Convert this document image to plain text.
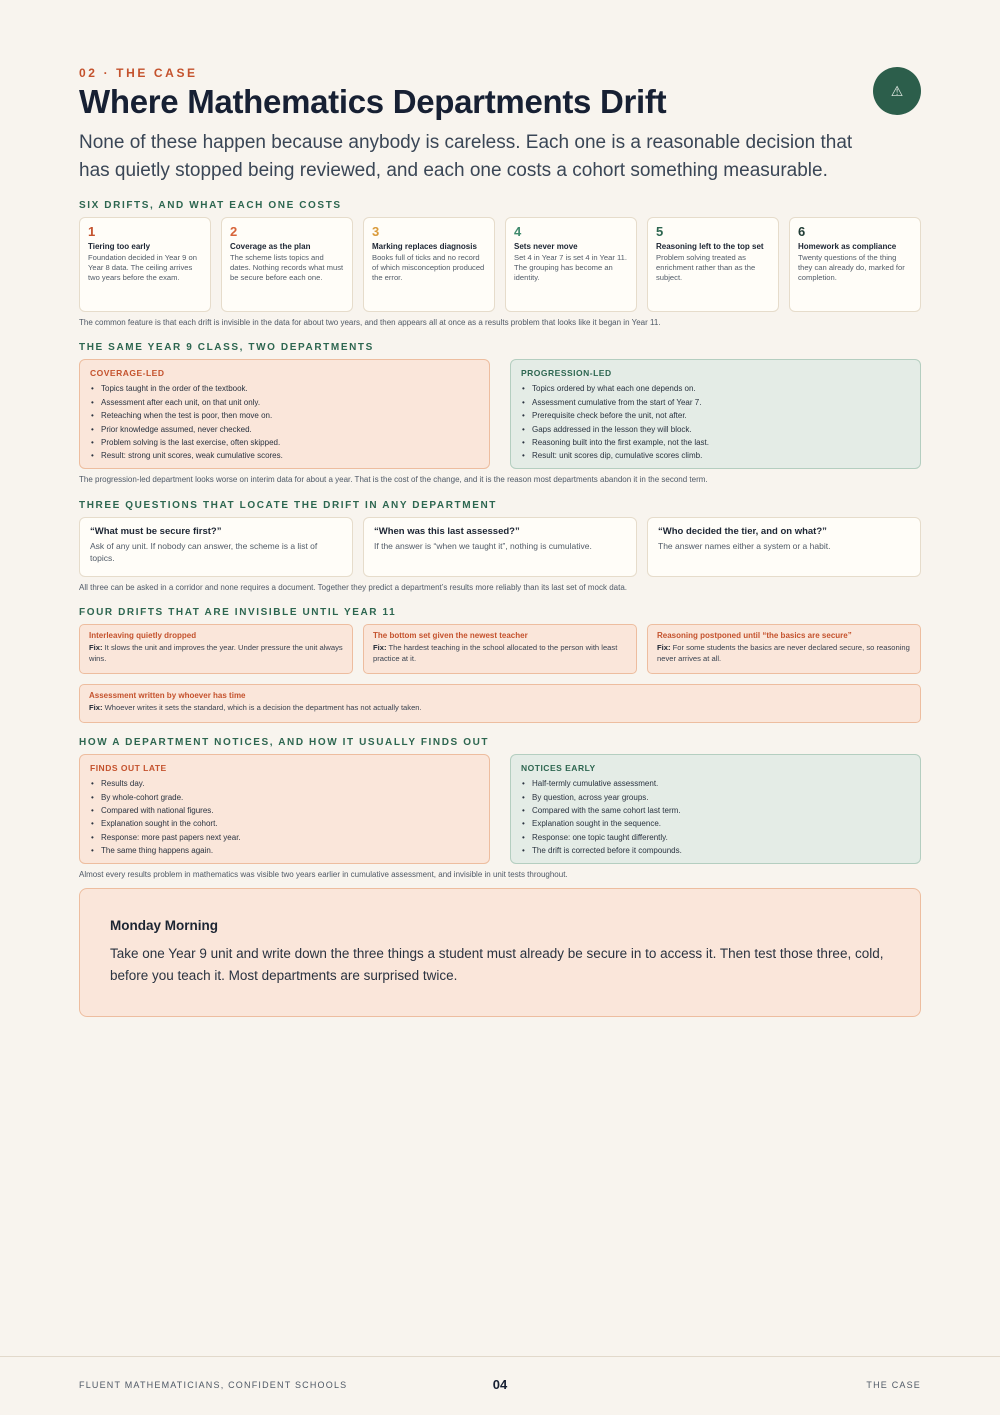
⚠
02 · THE CASE
Where Mathematics Departments Drift

None of these happen because anybody is careless. Each one is a reasonable decision that has quietly stopped being reviewed, and each one costs a cohort something measurable.

SIX DRIFTS, AND WHAT EACH ONE COSTS
1
Tiering too early
Foundation decided in Year 9 on Year 8 data. The ceiling arrives two years before the exam.
2
Coverage as the plan
The scheme lists topics and dates. Nothing records what must be secure before each one.
3
Marking replaces diagnosis
Books full of ticks and no record of which misconception produced the error.
4
Sets never move
Set 4 in Year 7 is set 4 in Year 11. The grouping has become an identity.
5
Reasoning left to the top set
Problem solving treated as enrichment rather than as the subject.
6
Homework as compliance
Twenty questions of the thing they can already do, marked for completion.
The common feature is that each drift is invisible in the data for about two years, and then appears all at once as a results problem that looks like it began in Year 11.
THE SAME YEAR 9 CLASS, TWO DEPARTMENTS
COVERAGE-LED
• Topics taught in the order of the textbook.
• Assessment after each unit, on that unit only.
• Reteaching when the test is poor, then move on.
• Prior knowledge assumed, never checked.
• Problem solving is the last exercise, often skipped.
• Result: strong unit scores, weak cumulative scores.
PROGRESSION-LED
• Topics ordered by what each one depends on.
• Assessment cumulative from the start of Year 7.
• Prerequisite check before the unit, not after.
• Gaps addressed in the lesson they will block.
• Reasoning built into the first example, not the last.
• Result: unit scores dip, cumulative scores climb.
The progression-led department looks worse on interim data for about a year. That is the cost of the change, and it is the reason most departments abandon it in the second term.
THREE QUESTIONS THAT LOCATE THE DRIFT IN ANY DEPARTMENT
“What must be secure first?”
Ask of any unit. If nobody can answer, the scheme is a list of topics.
“When was this last assessed?”
If the answer is “when we taught it”, nothing is cumulative.
“Who decided the tier, and on what?”
The answer names either a system or a habit.
All three can be asked in a corridor and none requires a document. Together they predict a department’s results more reliably than its last set of mock data.
FOUR DRIFTS THAT ARE INVISIBLE UNTIL YEAR 11
Interleaving quietly dropped
Fix: It slows the unit and improves the year. Under pressure the unit always wins.
The bottom set given the newest teacher
Fix: The hardest teaching in the school allocated to the person with least practice at it.
Reasoning postponed until “the basics are secure”
Fix: For some students the basics are never declared secure, so reasoning never arrives at all.
Assessment written by whoever has time
Fix: Whoever writes it sets the standard, which is a decision the department has not actually taken.
HOW A DEPARTMENT NOTICES, AND HOW IT USUALLY FINDS OUT
FINDS OUT LATE
• Results day.
• By whole-cohort grade.
• Compared with national figures.
• Explanation sought in the cohort.
• Response: more past papers next year.
• The same thing happens again.
NOTICES EARLY
• Half-termly cumulative assessment.
• By question, across year groups.
• Compared with the same cohort last term.
• Explanation sought in the sequence.
• Response: one topic taught differently.
• The drift is corrected before it compounds.
Almost every results problem in mathematics was visible two years earlier in cumulative assessment, and invisible in unit tests throughout.
Monday Morning
Take one Year 9 unit and write down the three things a student must already be secure in to access it. Then test those three, cold, before you teach it. Most departments are surprised twice.
FLUENT MATHEMATICIANS, CONFIDENT SCHOOLS	04	THE CASE
